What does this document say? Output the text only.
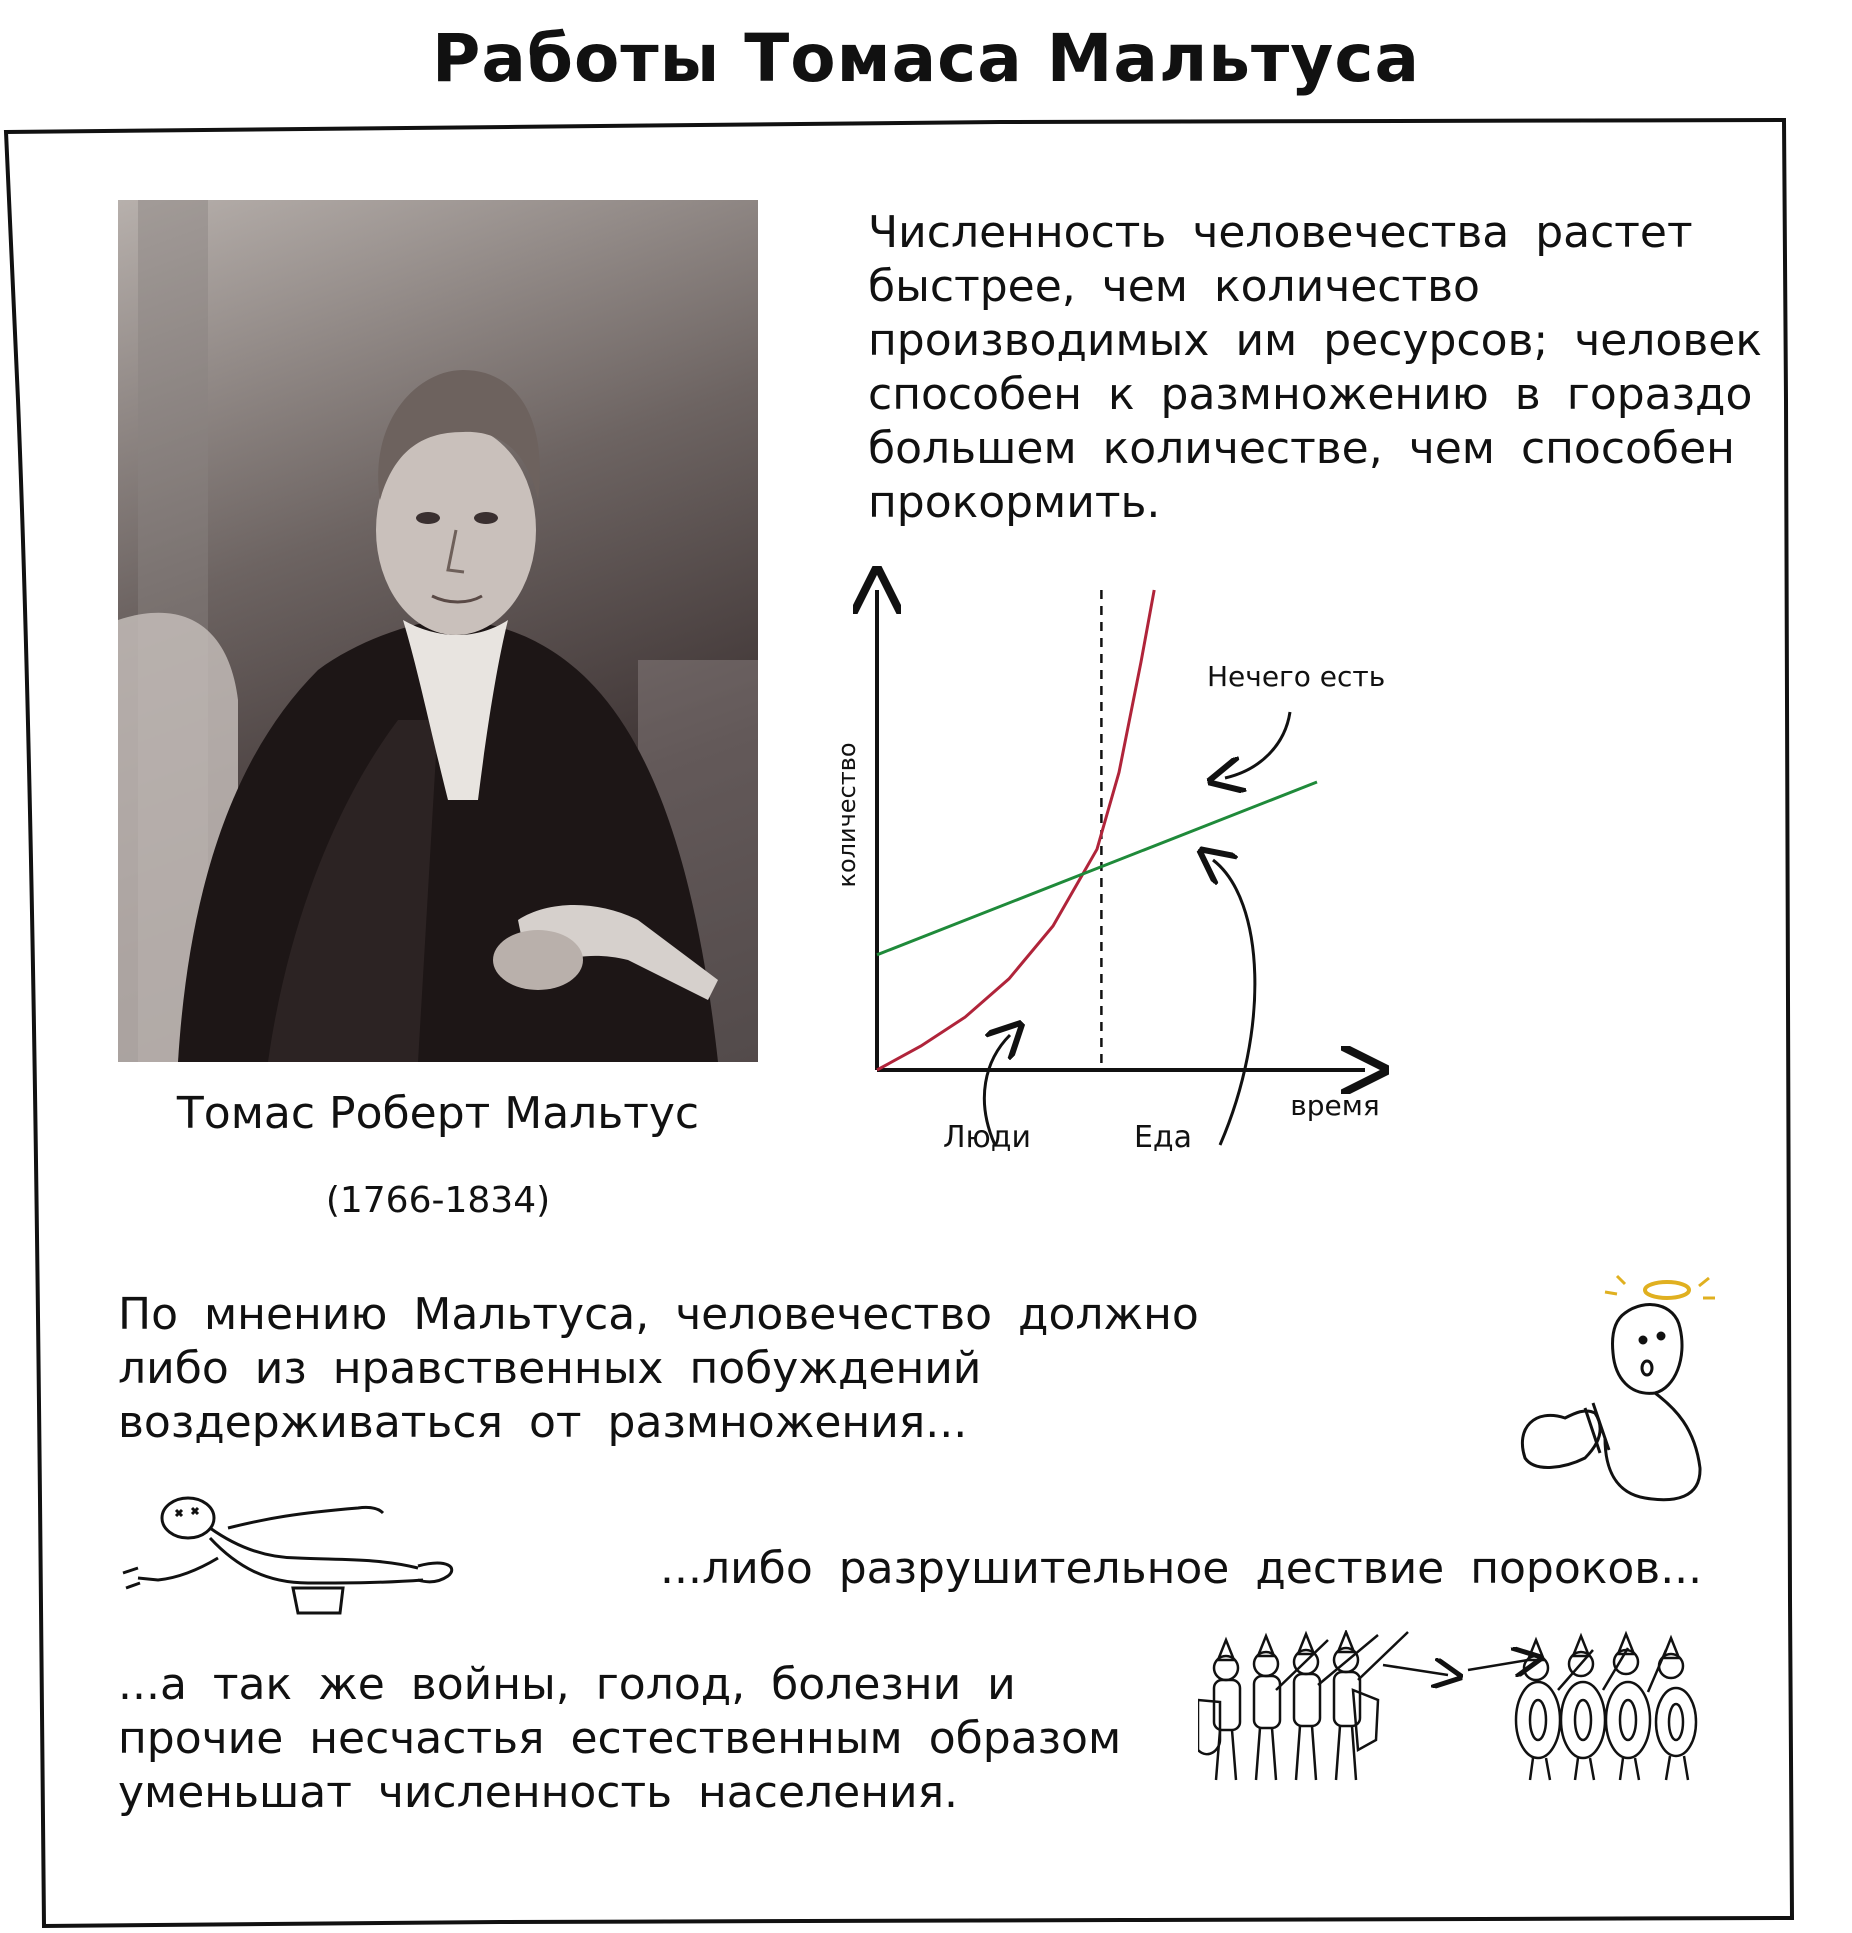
Работы Томаса Мальтуса
Томас Роберт Мальтус
(1766-1834)
Численность человечества растет быстрее, чем количество производимых им ресурсов; человек способен к размножению в гораздо большем количестве, чем способен прокормить.
количество
время
Нечего есть
Люди	Еда
По мнению Мальтуса, человечество должно либо из нравственных побуждений воздерживаться от размножения...
...либо разрушительное дествие пороков...
...а так же войны, голод, болезни и прочие несчастья естественным образом уменьшат численность населения.
